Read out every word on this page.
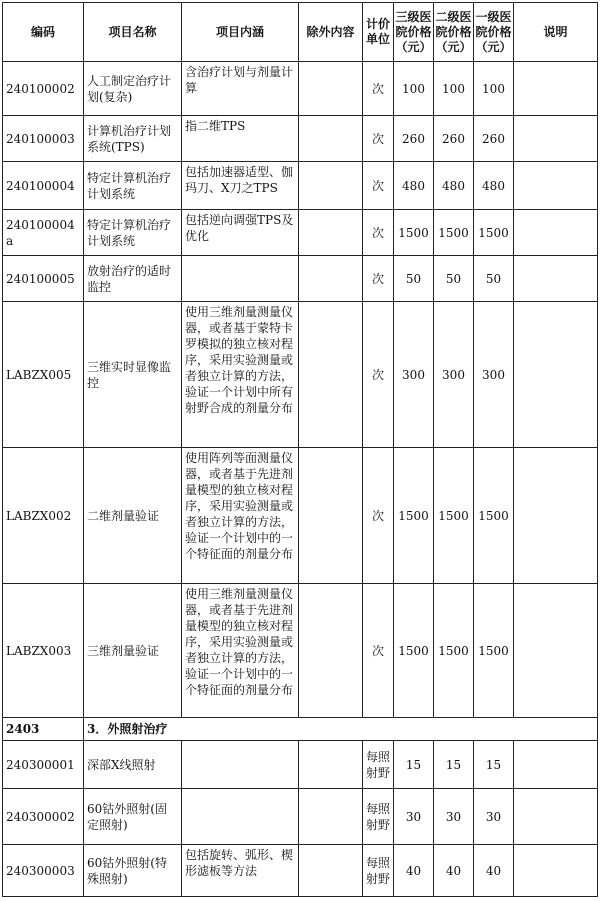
编码	项目名称	项目内涵	除外内容	计价单位	三级医院价格（元）	二级医院价格（元）	一级医院价格（元）	说明
240100002	人工制定治疗计划(复杂)	含治疗计划与剂量计算		次	100	100	100	
240100003	计算机治疗计划系统(TPS)	指二维TPS		次	260	260	260	
240100004	特定计算机治疗计划系统	包括加速器适型、伽玛刀、X刀之TPS		次	480	480	480	
240100004a	特定计算机治疗计划系统	包括逆向调强TPS及优化		次	1500	1500	1500	
240100005	放射治疗的适时监控			次	50	50	50	
LABZX005	三维实时显像监控	使用三维剂量测量仪器，或者基于蒙特卡罗模拟的独立核对程序，采用实验测量或者独立计算的方法，验证一个计划中所有射野合成的剂量分布		次	300	300	300	
LABZX002	二维剂量验证	使用阵列等面测量仪器，或者基于先进剂量模型的独立核对程序，采用实验测量或者独立计算的方法，验证一个计划中的一个特征面的剂量分布		次	1500	1500	1500	
LABZX003	三维剂量验证	使用三维剂量测量仪器，或者基于先进剂量模型的独立核对程序，采用实验测量或者独立计算的方法，验证一个计划中的一个特征面的剂量分布		次	1500	1500	1500	
2403	3．外照射治疗							
240300001	深部X线照射			每照射野	15	15	15	
240300002	60钴外照射(固定照射)			每照射野	30	30	30	
240300003	60钴外照射(特殊照射)	包括旋转、弧形、楔形滤板等方法		每照射野	40	40	40	
